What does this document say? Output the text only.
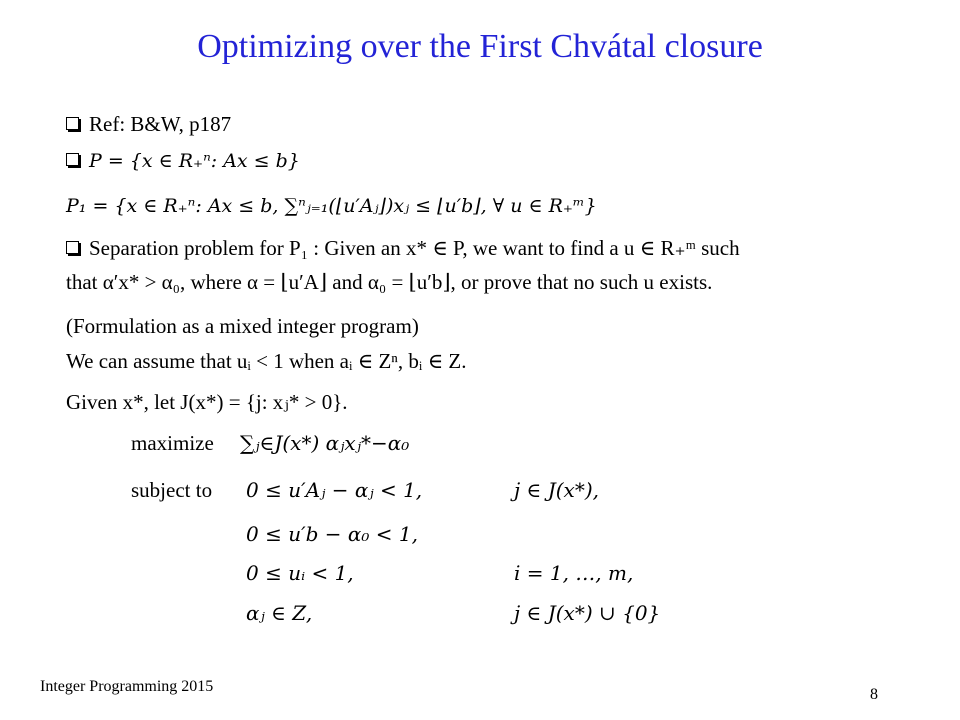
Optimizing over the First Chvátal closure
Ref: B&W, p187
P = {x ∈ R₊ⁿ: Ax ≤ b}
P₁ = {x ∈ R₊ⁿ: Ax ≤ b, ∑ⁿⱼ₌₁(⌊u′Aⱼ⌋)xⱼ ≤ ⌊u′b⌋, ∀ u ∈ R₊ᵐ}
Separation problem for P₁ : Given an x* ∈ P, we want to find a u ∈ R₊ᵐ such
that α′x* > α₀, where α = ⌊u′A⌋ and α₀ = ⌊u′b⌋, or prove that no such u exists.
(Formulation as a mixed integer program)
We can assume that uᵢ < 1 when aᵢ ∈ Zⁿ, bᵢ ∈ Z.
Given x*, let J(x*) = {j: xⱼ* > 0}.
maximize ∑ⱼ∈J(x*) αⱼxⱼ*−α₀
subject to 0 ≤ u′Aⱼ − αⱼ < 1,	j ∈ J(x*),
0 ≤ u′b − α₀ < 1,
0 ≤ uᵢ < 1,	i = 1, …, m,
αⱼ ∈ Z,	j ∈ J(x*) ∪ {0}
Integer Programming 2015	8
